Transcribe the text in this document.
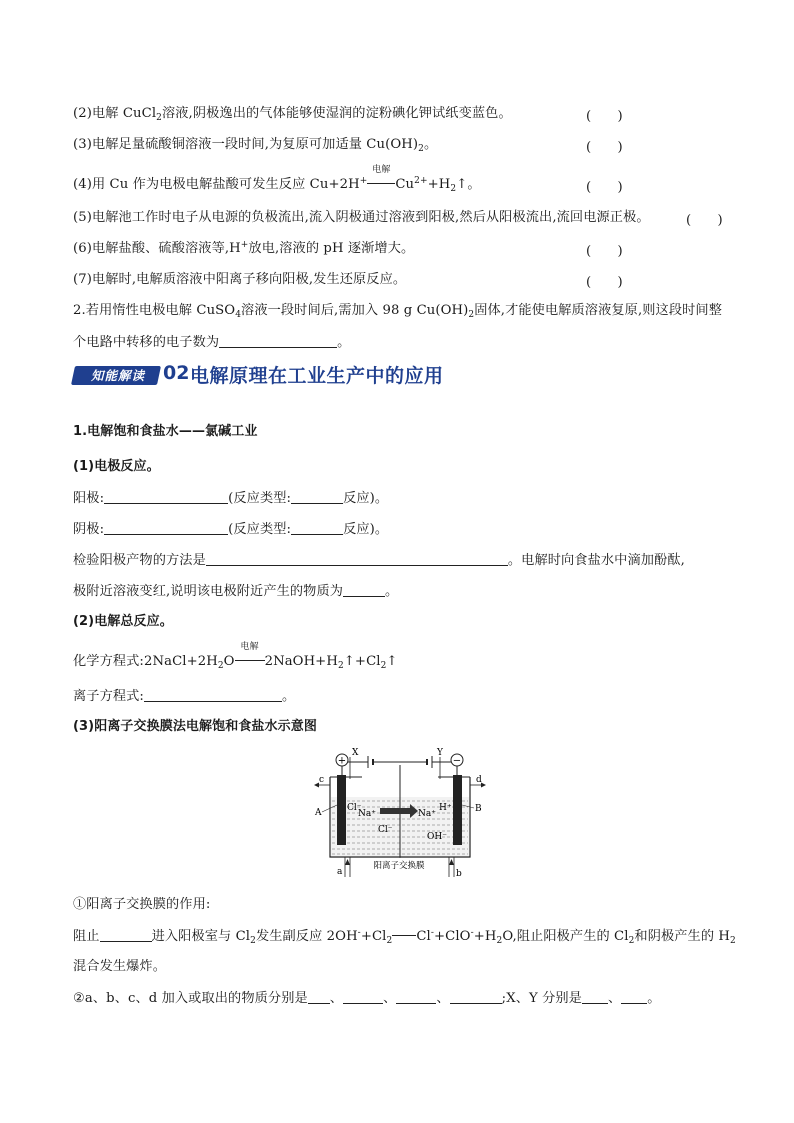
(2)电解 CuCl$_2$溶液,阴极逸出的气体能够使湿润的淀粉碘化钾试纸变蓝色。	(　　)
(3)电解足量硫酸铜溶液一段时间,为复原可加适量 $Cu(OH)_2$。	(　　)
(4)用 Cu 作为电极电解盐酸可发生反应 Cu+2H+
电解
$Cu^{2+}+H_2↑$。	(　　)
(5)电解池工作时电子从电源的负极流出,流入阴极通过溶液到阳极,然后从阳极流出,流回电源正极。	(　　)
(6)电解盐酸、硫酸溶液等,H+放电,溶液的 pH 逐渐增大。	(　　)
(7)电解时,电解质溶液中阳离子移向阳极,发生还原反应。	(　　)
2.若用惰性电极电解 CuSO$_4$溶液一段时间后,需加入 98 g $Cu(OH)_2$固体,才能使电解质溶液复原,则这段时间整
个电路中转移的电子数为	。
知能解读 02 电解原理在工业生产中的应用
1.电解饱和食盐水——氯碱工业
(1)电极反应。
阳极:	(反应类型:	反应)。
阴极:	(反应类型:	反应)。
检验阳极产物的方法是	。电解时向食盐水中滴加酚酞,
极附近溶液变红,说明该电极附近产生的物质为	。
(2)电解总反应。
化学方程式$:2NaCl+2H_2O$
电解
$2NaOH+H_2↑+Cl_2↑$
离子方程式:	。
(3)阳离子交换膜法电解饱和食盐水示意图
+	−
X	Y
c	d
A	B
Cl⁻
Na⁺	Na⁺
H⁺
Cl⁻
OH⁻
a	b
阳离子交换膜
①阳离子交换膜的作用:
阻止	进入阳极室与 $Cl_2$发生副反应 $2OH^-+Cl_2$ $Cl^-+ClO^-+H_2O$,阻止阳极产生的 $Cl_2$和阴极产生的 $H_2$
混合发生爆炸。
②a、b、c、d 加入或取出的物质分别是 、	、	、	;X、Y 分别是 、 。
